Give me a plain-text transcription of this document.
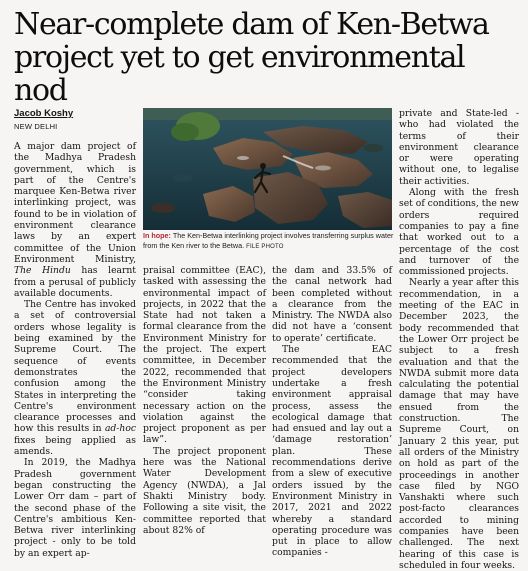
Near-complete dam of Ken-Betwa project yet to get environmental nod
Jacob Koshy
NEW DELHI

A major dam project of the Madhya Pradesh government, which is part of the Centre's marquee Ken-Betwa river interlinking project, was found to be in violation of environment clearance laws by an expert committee of the Union Environment Ministry, The Hindu has learnt from a perusal of publicly available documents.

The Centre has invoked a set of controversial orders whose legality is being examined by the Supreme Court. The sequence of events demonstrates the confusion among the States in interpreting the Centre's environment clearance processes and how this results in ad-hoc fixes being applied as amends.

In 2019, the Madhya Pradesh government began constructing the Lower Orr dam – part of the second phase of the Centre's ambitious Ken-Betwa river interlinking project - only to be told by an expert ap-

In hope: The Ken-Betwa interlinking project involves transferring surplus water from the Ken river to the Betwa. FILE PHOTO

praisal committee (EAC), tasked with assessing the environmental impact of projects, in 2022 that the State had not taken a formal clearance from the Environment Ministry for the project. The expert committee, in December 2022, recommended that the Environment Ministry “consider taking necessary action on the violation against the project proponent as per law”.

The project proponent here was the National Water Development Agency (NWDA), a Jal Shakti Ministry body. Following a site visit, the committee reported that about 82% of

the dam and 33.5% of the canal network had been completed without a clearance from the Ministry. The NWDA also did not have a ‘consent to operate’ certificate.

The EAC recommended that the project developers undertake a fresh environment appraisal process, assess the ecological damage that had ensued and lay out a ‘damage restoration’ plan. These recommendations derive from a slew of executive orders issued by the Environment Ministry in 2017, 2021 and 2022 whereby a standard operating procedure was put in place to allow companies -

private and State-led - who had violated the terms of their environment clearance or were operating without one, to legalise their activities.

Along with the fresh set of conditions, the new orders required companies to pay a fine that worked out to a percentage of the cost and turnover of the commissioned projects.

Nearly a year after this recommendation, in a meeting of the EAC in December 2023, the body recommended that the Lower Orr project be subject to a fresh evaluation and that the NWDA submit more data calculating the potential damage that may have ensued from the construction. The Supreme Court, on January 2 this year, put all orders of the Ministry on hold as part of the proceedings in another case filed by NGO Vanshakti where such post-facto clearances accorded to mining companies have been challenged. The next hearing of this case is scheduled in four weeks.
